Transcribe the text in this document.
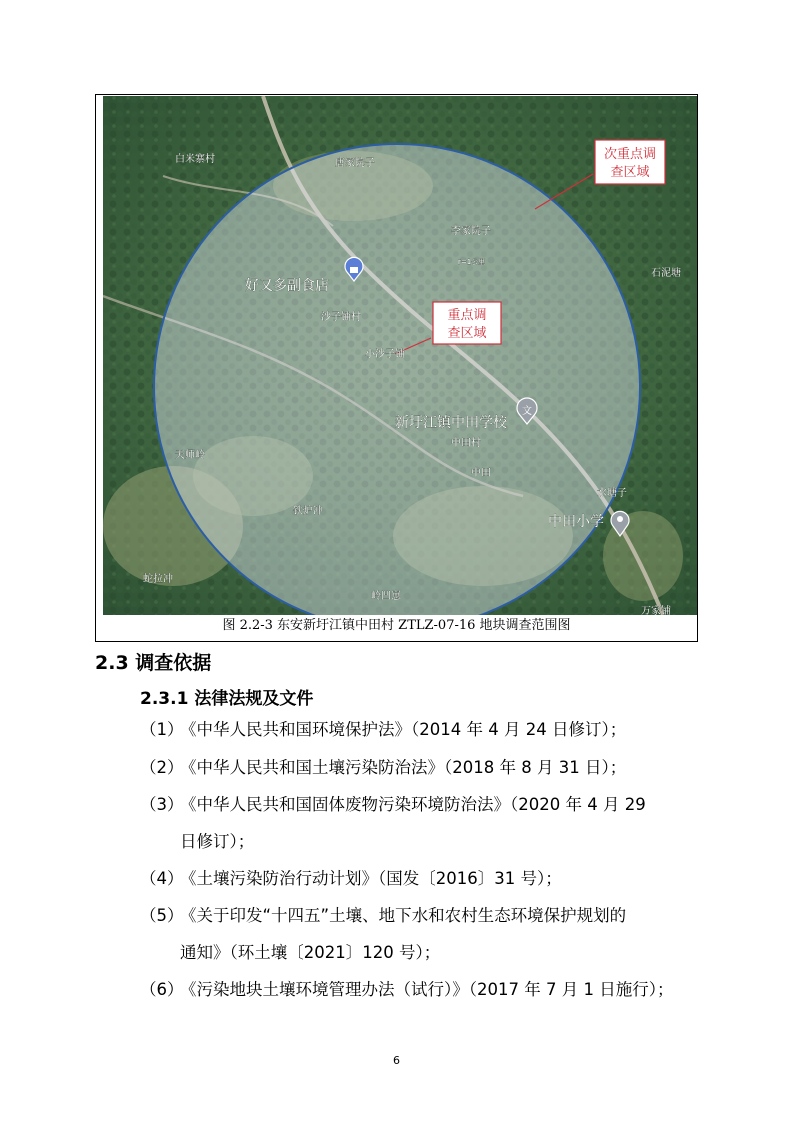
次重点调
查区域
重点调
查区域
白米寨村	唐家院子
李家院子
r=1公里
石泥塘
好又多副食店
沙子铺村
小沙子铺
新圩江镇中田学校
中田村
中田
天师岭
铁炉冲
水塘子
中田小学
蛇拉冲
岭凹崽
万家铺
文
图 2.2-3 东安新圩江镇中田村 ZTLZ-07-16 地块调查范围图
2.3 调查依据
2.3.1 法律法规及文件
（1）《中华人民共和国环境保护法》（2014 年 4 月 24 日修订）；
（2）《中华人民共和国土壤污染防治法》（2018 年 8 月 31 日）；
（3）《中华人民共和国固体废物污染环境防治法》（2020 年 4 月 29
日修订）；
（4）《土壤污染防治行动计划》（国发〔2016〕31 号）；
（5）《关于印发“十四五”土壤、地下水和农村生态环境保护规划的
通知》（环土壤〔2021〕120 号）；
（6）《污染地块土壤环境管理办法（试行）》（2017 年 7 月 1 日施行）；
6
